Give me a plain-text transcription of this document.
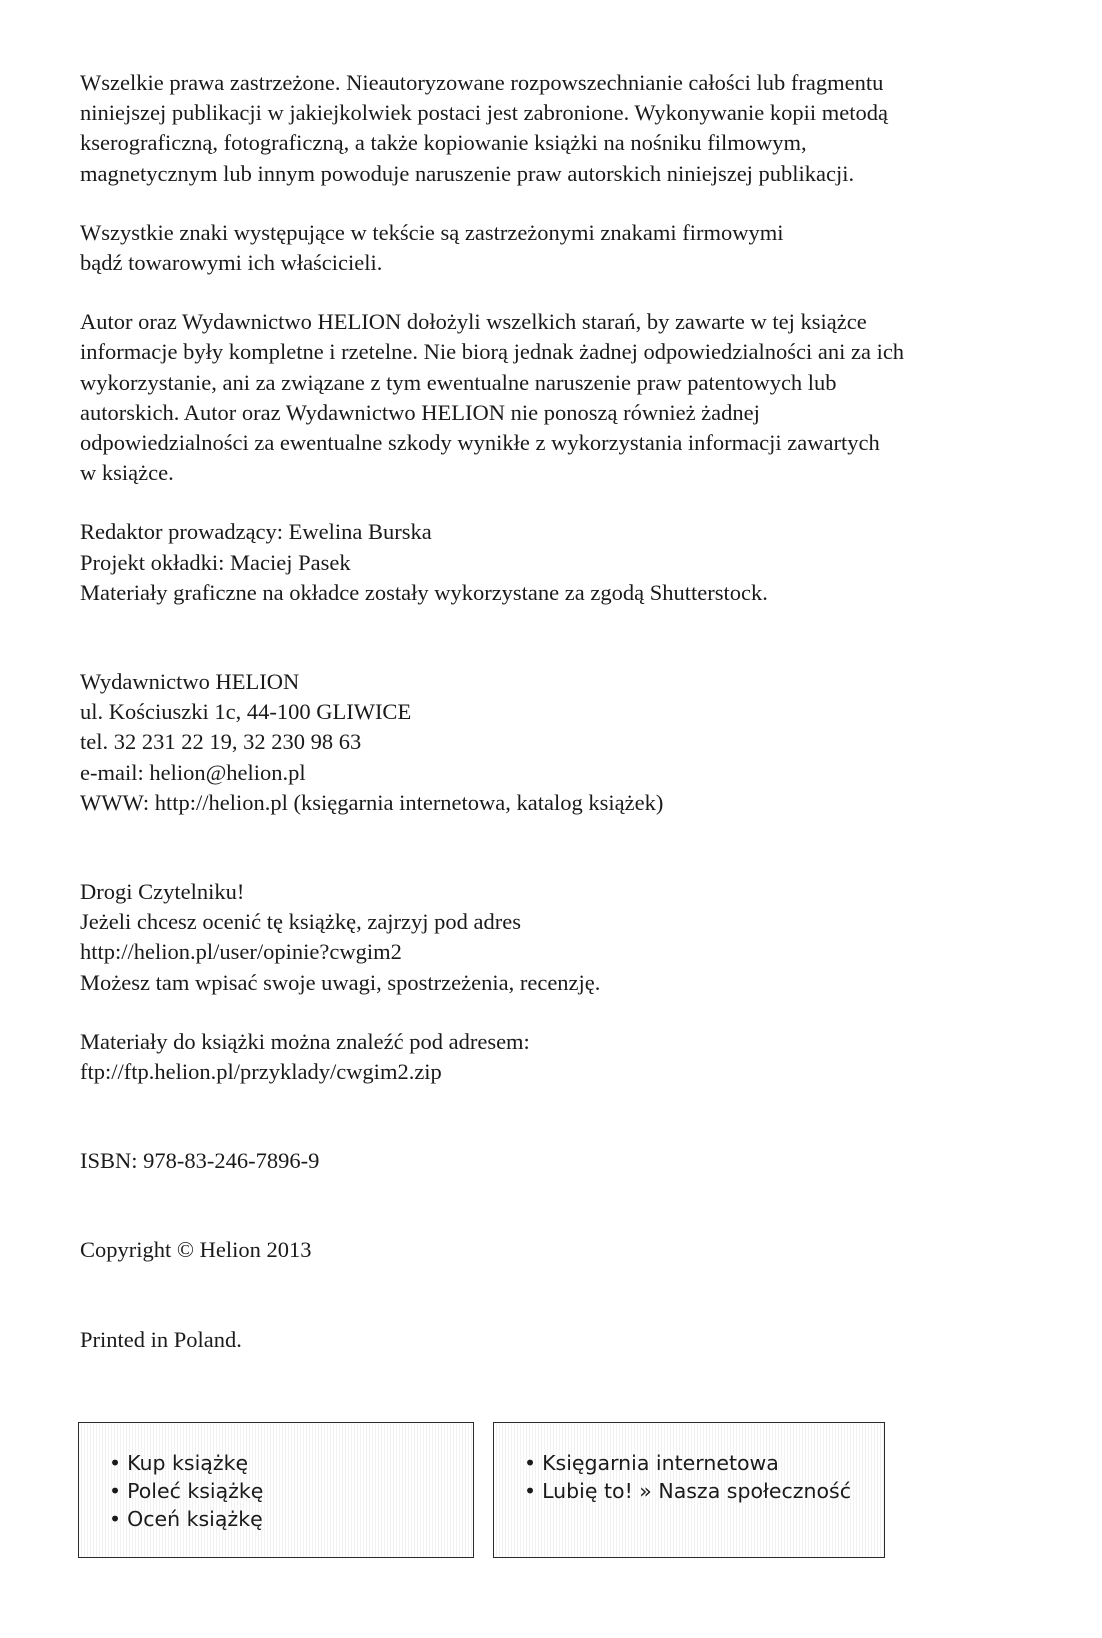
Wszelkie prawa zastrzeżone. Nieautoryzowane rozpowszechnianie całości lub fragmentu
niniejszej publikacji w jakiejkolwiek postaci jest zabronione. Wykonywanie kopii metodą
kserograficzną, fotograficzną, a także kopiowanie książki na nośniku filmowym,
magnetycznym lub innym powoduje naruszenie praw autorskich niniejszej publikacji.

Wszystkie znaki występujące w tekście są zastrzeżonymi znakami firmowymi
bądź towarowymi ich właścicieli.

Autor oraz Wydawnictwo HELION dołożyli wszelkich starań, by zawarte w tej książce
informacje były kompletne i rzetelne. Nie biorą jednak żadnej odpowiedzialności ani za ich
wykorzystanie, ani za związane z tym ewentualne naruszenie praw patentowych lub
autorskich. Autor oraz Wydawnictwo HELION nie ponoszą również żadnej
odpowiedzialności za ewentualne szkody wynikłe z wykorzystania informacji zawartych
w książce.

Redaktor prowadzący: Ewelina Burska
Projekt okładki: Maciej Pasek
Materiały graficzne na okładce zostały wykorzystane za zgodą Shutterstock.

Wydawnictwo HELION
ul. Kościuszki 1c, 44-100 GLIWICE
tel. 32 231 22 19, 32 230 98 63
e-mail: helion@helion.pl
WWW: http://helion.pl (księgarnia internetowa, katalog książek)

Drogi Czytelniku!
Jeżeli chcesz ocenić tę książkę, zajrzyj pod adres
http://helion.pl/user/opinie?cwgim2
Możesz tam wpisać swoje uwagi, spostrzeżenia, recenzję.

Materiały do książki można znaleźć pod adresem:
ftp://ftp.helion.pl/przyklady/cwgim2.zip

ISBN: 978-83-246-7896-9

Copyright © Helion 2013

Printed in Poland.

• Kup książkę
• Poleć książkę
• Oceń książkę
• Księgarnia internetowa
• Lubię to! » Nasza społeczność
